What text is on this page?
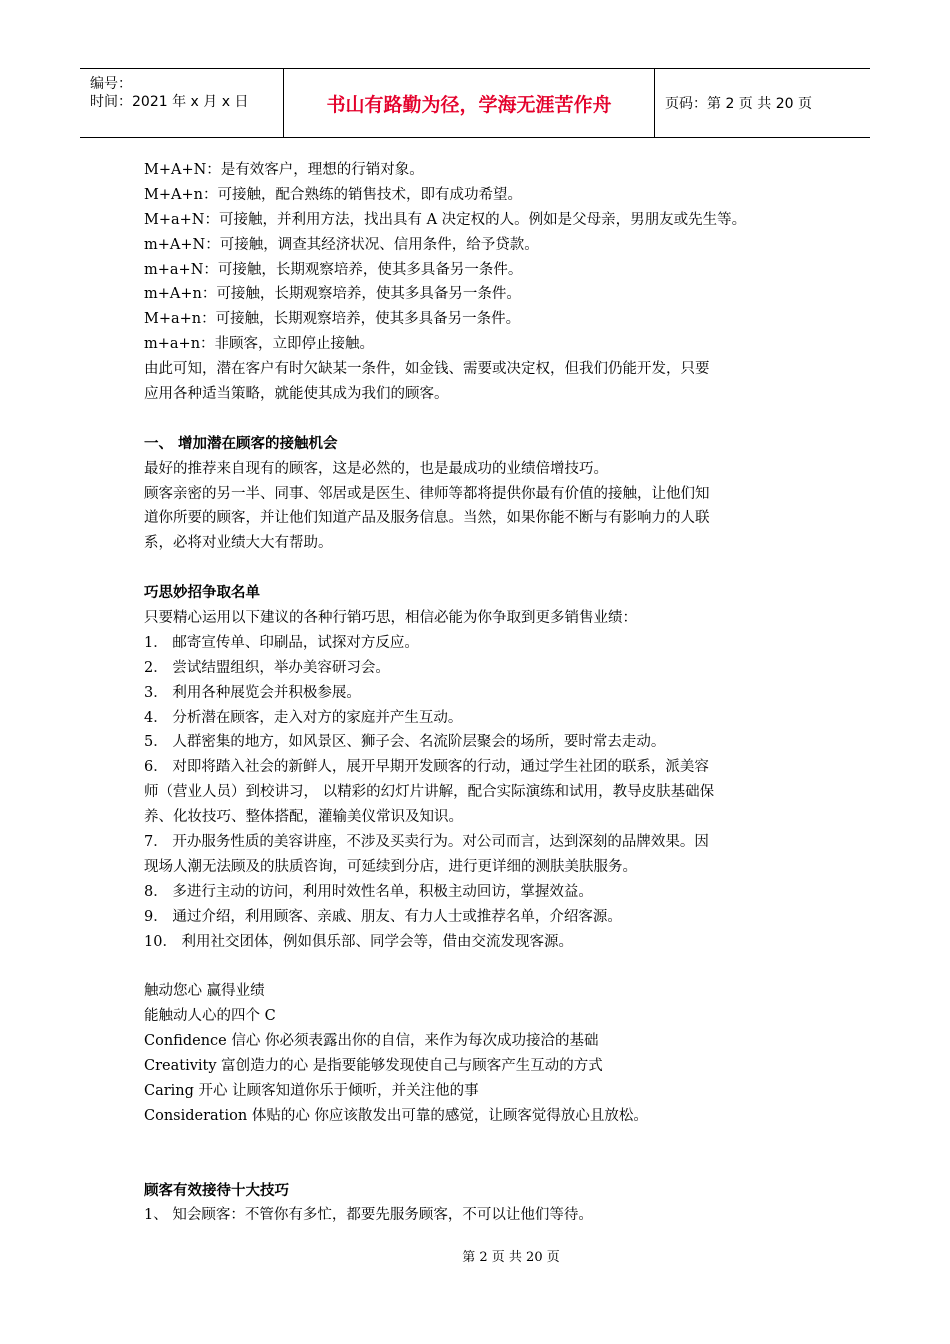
编号：
时间：2021 年 x 月 x 日	书山有路勤为径，学海无涯苦作舟	页码：第 2 页 共 20 页
M+A+N：是有效客户，理想的行销对象。
M+A+n：可接触，配合熟练的销售技术，即有成功希望。
M+a+N：可接触，并利用方法，找出具有 A 决定权的人。例如是父母亲，男朋友或先生等。
m+A+N：可接触，调查其经济状况、信用条件，给予贷款。
m+a+N：可接触，长期观察培养，使其多具备另一条件。
m+A+n：可接触，长期观察培养，使其多具备另一条件。
M+a+n：可接触，长期观察培养，使其多具备另一条件。
m+a+n：非顾客，立即停止接触。
由此可知，潜在客户有时欠缺某一条件，如金钱、需要或决定权，但我们仍能开发，只要
应用各种适当策略，就能使其成为我们的顾客。
一、 增加潜在顾客的接触机会
最好的推荐来自现有的顾客，这是必然的，也是最成功的业绩倍增技巧。
顾客亲密的另一半、同事、邻居或是医生、律师等都将提供你最有价值的接触，让他们知
道你所要的顾客，并让他们知道产品及服务信息。当然，如果你能不断与有影响力的人联
系，必将对业绩大大有帮助。
巧思妙招争取名单
只要精心运用以下建议的各种行销巧思，相信必能为你争取到更多销售业绩：
1． 邮寄宣传单、印刷品，试探对方反应。
2． 尝试结盟组织，举办美容研习会。
3． 利用各种展览会并积极参展。
4． 分析潜在顾客，走入对方的家庭并产生互动。
5． 人群密集的地方，如风景区、狮子会、名流阶层聚会的场所，要时常去走动。
6． 对即将踏入社会的新鲜人，展开早期开发顾客的行动，通过学生社团的联系，派美容
师（营业人员）到校讲习， 以精彩的幻灯片讲解，配合实际演练和试用，教导皮肤基础保
养、化妆技巧、整体搭配，灌输美仪常识及知识。
7． 开办服务性质的美容讲座，不涉及买卖行为。对公司而言，达到深刻的品牌效果。因
现场人潮无法顾及的肤质咨询，可延续到分店，进行更详细的测肤美肤服务。
8． 多进行主动的访问，利用时效性名单，积极主动回访，掌握效益。
9． 通过介绍，利用顾客、亲戚、朋友、有力人士或推荐名单，介绍客源。
10． 利用社交团体，例如俱乐部、同学会等，借由交流发现客源。
触动您心 赢得业绩
能触动人心的四个 C
Confidence 信心 你必须表露出你的自信，来作为每次成功接洽的基础
Creativity 富创造力的心 是指要能够发现使自己与顾客产生互动的方式
Caring 开心 让顾客知道你乐于倾听，并关注他的事
Consideration 体贴的心 你应该散发出可靠的感觉，让顾客觉得放心且放松。
顾客有效接待十大技巧
1、 知会顾客：不管你有多忙，都要先服务顾客，不可以让他们等待。
第 2 页 共 20 页
